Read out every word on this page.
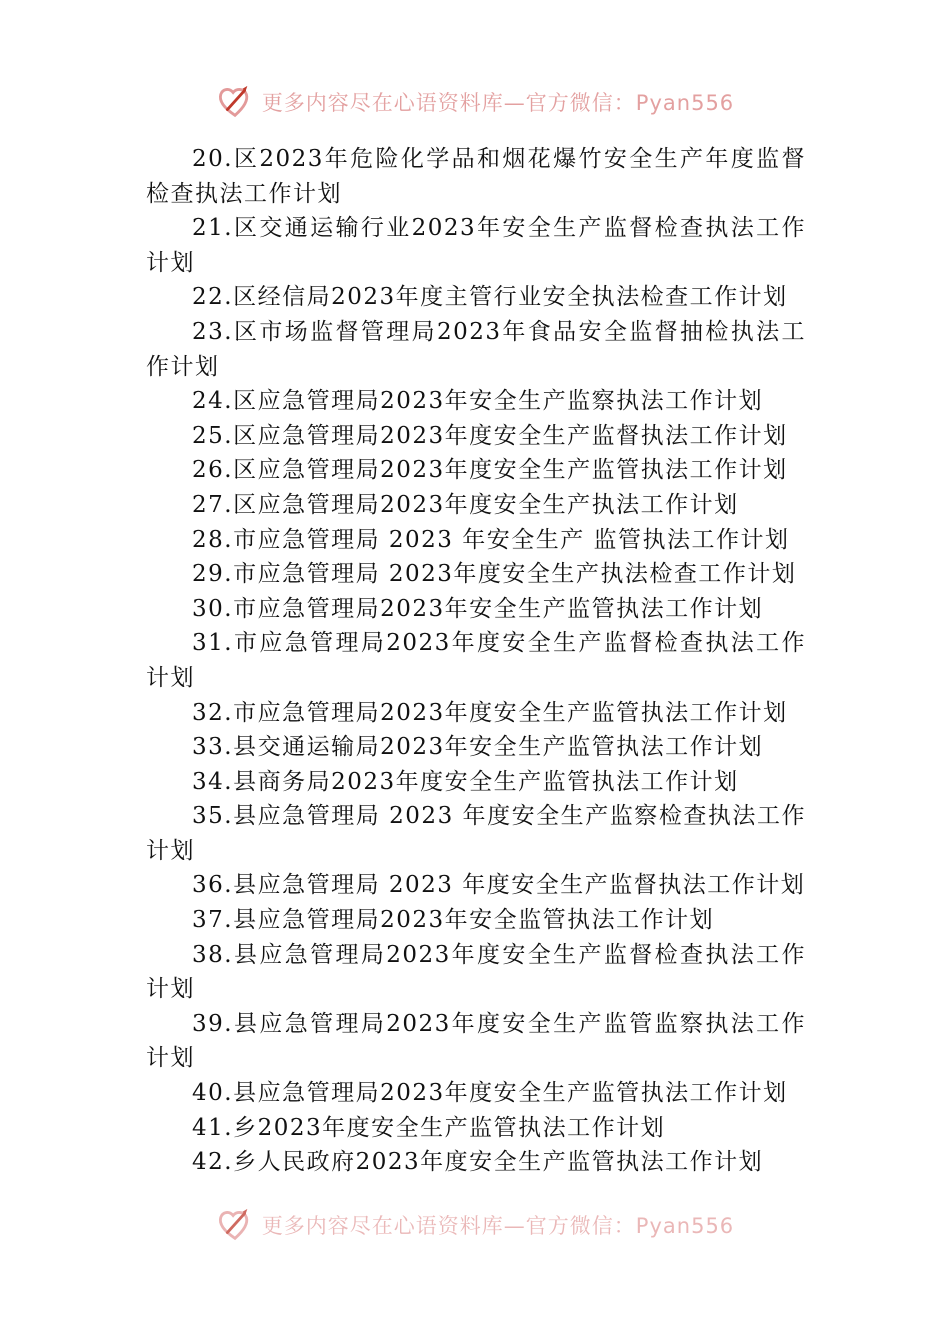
更多内容尽在心语资料库—官方微信：Pyan556

20.区2023年危险化学品和烟花爆竹安全生产年度监督检查执法工作计划

21.区交通运输行业2023年安全生产监督检查执法工作计划

22.区经信局2023年度主管行业安全执法检查工作计划

23.区市场监督管理局2023年食品安全监督抽检执法工作计划

24.区应急管理局2023年安全生产监察执法工作计划

25.区应急管理局2023年度安全生产监督执法工作计划

26.区应急管理局2023年度安全生产监管执法工作计划

27.区应急管理局2023年度安全生产执法工作计划

28.市应急管理局 2023 年安全生产 监管执法工作计划

29.市应急管理局 2023年度安全生产执法检查工作计划

30.市应急管理局2023年安全生产监管执法工作计划

31.市应急管理局2023年度安全生产监督检查执法工作计划

32.市应急管理局2023年度安全生产监管执法工作计划

33.县交通运输局2023年安全生产监管执法工作计划

34.县商务局2023年度安全生产监管执法工作计划

35.县应急管理局 2023 年度安全生产监察检查执法工作计划

36.县应急管理局 2023 年度安全生产监督执法工作计划

37.县应急管理局2023年安全监管执法工作计划

38.县应急管理局2023年度安全生产监督检查执法工作计划

39.县应急管理局2023年度安全生产监管监察执法工作计划

40.县应急管理局2023年度安全生产监管执法工作计划

41.乡2023年度安全生产监管执法工作计划

42.乡人民政府2023年度安全生产监管执法工作计划

更多内容尽在心语资料库—官方微信：Pyan556
